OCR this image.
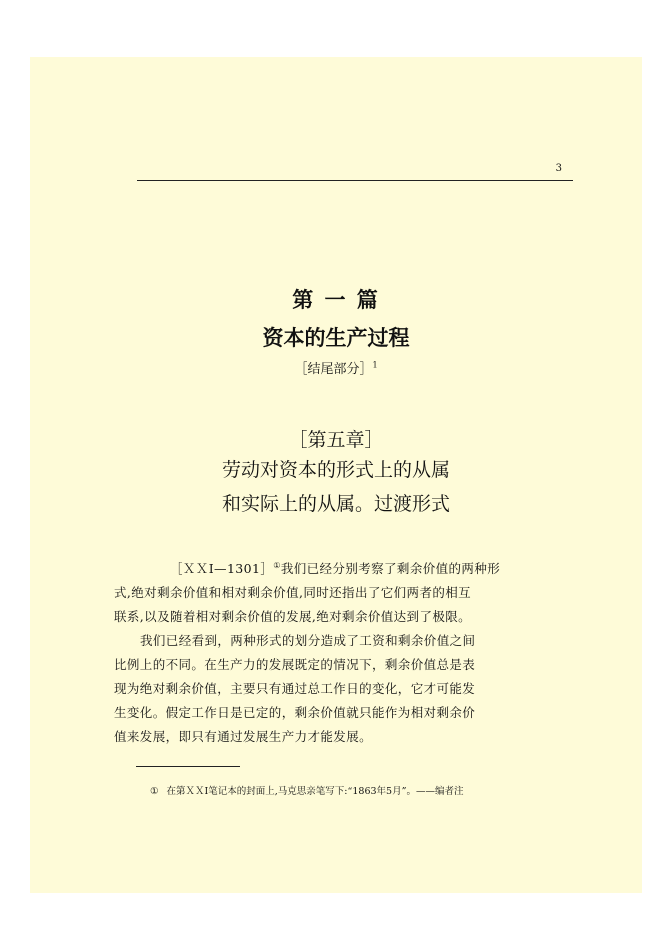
3
第 一 篇
资本的生产过程
［结尾部分］$^1$
［第五章］
劳动对资本的形式上的从属
和实际上的从属。过渡形式
［ＸＸⅠ—1301］①我们已经分别考察了剩余价值的两种形
式,绝对剩余价值和相对剩余价值,同时还指出了它们两者的相互
联系,以及随着相对剩余价值的发展,绝对剩余价值达到了极限。
我们已经看到，两种形式的划分造成了工资和剩余价值之间
比例上的不同。在生产力的发展既定的情况下，剩余价值总是表
现为绝对剩余价值，主要只有通过总工作日的变化，它才可能发
生变化。假定工作日是已定的，剩余价值就只能作为相对剩余价
值来发展，即只有通过发展生产力才能发展。
① 在第ＸＸⅠ笔记本的封面上,马克思亲笔写下:“1863年5月”。——编者注
